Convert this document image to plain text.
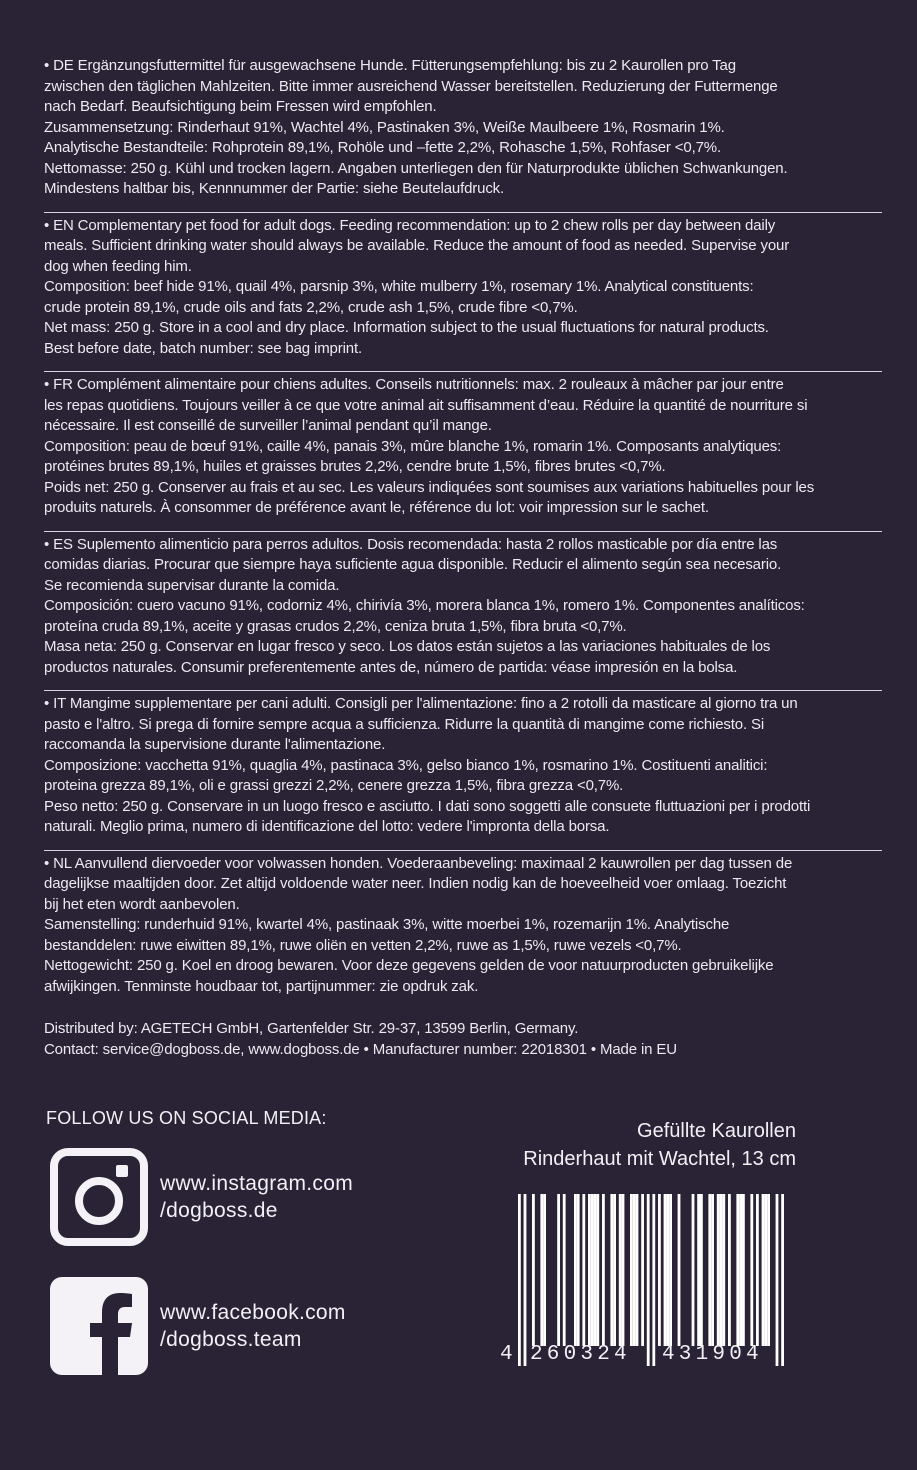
• DE Ergänzungsfuttermittel für ausgewachsene Hunde. Fütterungsempfehlung: bis zu 2 Kaurollen pro Tag

zwischen den täglichen Mahlzeiten. Bitte immer ausreichend Wasser bereitstellen. Reduzierung der Futtermenge

nach Bedarf. Beaufsichtigung beim Fressen wird empfohlen.

Zusammensetzung: Rinderhaut 91%, Wachtel 4%, Pastinaken 3%, Weiße Maulbeere 1%, Rosmarin 1%.

Analytische Bestandteile: Rohprotein 89,1%, Rohöle und –fette 2,2%, Rohasche 1,5%, Rohfaser <0,7%.

Nettomasse: 250 g. Kühl und trocken lagern. Angaben unterliegen den für Naturprodukte üblichen Schwankungen.

Mindestens haltbar bis, Kennnummer der Partie: siehe Beutelaufdruck.

• EN Complementary pet food for adult dogs. Feeding recommendation: up to 2 chew rolls per day between daily

meals. Sufficient drinking water should always be available. Reduce the amount of food as needed. Supervise your

dog when feeding him.

Composition: beef hide 91%, quail 4%, parsnip 3%, white mulberry 1%, rosemary 1%. Analytical constituents:

crude protein 89,1%, crude oils and fats 2,2%, crude ash 1,5%, crude fibre <0,7%.

Net mass: 250 g. Store in a cool and dry place. Information subject to the usual fluctuations for natural products.

Best before date, batch number: see bag imprint.

• FR Complément alimentaire pour chiens adultes. Conseils nutritionnels: max. 2 rouleaux à mâcher par jour entre

les repas quotidiens. Toujours veiller à ce que votre animal ait suffisamment d’eau. Réduire la quantité de nourriture si

nécessaire. Il est conseillé de surveiller l’animal pendant qu’il mange.

Composition: peau de bœuf 91%, caille 4%, panais 3%, mûre blanche 1%, romarin 1%. Composants analytiques:

protéines brutes 89,1%, huiles et graisses brutes 2,2%, cendre brute 1,5%, fibres brutes <0,7%.

Poids net: 250 g. Conserver au frais et au sec. Les valeurs indiquées sont soumises aux variations habituelles pour les

produits naturels. À consommer de préférence avant le, référence du lot: voir impression sur le sachet.

• ES Suplemento alimenticio para perros adultos. Dosis recomendada: hasta 2 rollos masticable por día entre las

comidas diarias. Procurar que siempre haya suficiente agua disponible. Reducir el alimento según sea necesario.

Se recomienda supervisar durante la comida.

Composición: cuero vacuno 91%, codorniz 4%, chirivía 3%, morera blanca 1%, romero 1%. Componentes analíticos:

proteína cruda 89,1%, aceite y grasas crudos 2,2%, ceniza bruta 1,5%, fibra bruta <0,7%.

Masa neta: 250 g. Conservar en lugar fresco y seco. Los datos están sujetos a las variaciones habituales de los

productos naturales. Consumir preferentemente antes de, número de partida: véase impresión en la bolsa.

• IT Mangime supplementare per cani adulti. Consigli per l'alimentazione: fino a 2 rotolli da masticare al giorno tra un

pasto e l'altro. Si prega di fornire sempre acqua a sufficienza. Ridurre la quantità di mangime come richiesto. Si

raccomanda la supervisione durante l'alimentazione.

Composizione: vacchetta 91%, quaglia 4%, pastinaca 3%, gelso bianco 1%, rosmarino 1%. Costituenti analitici:

proteina grezza 89,1%, oli e grassi grezzi 2,2%, cenere grezza 1,5%, fibra grezza <0,7%.

Peso netto: 250 g. Conservare in un luogo fresco e asciutto. I dati sono soggetti alle consuete fluttuazioni per i prodotti

naturali. Meglio prima, numero di identificazione del lotto: vedere l'impronta della borsa.

• NL Aanvullend diervoeder voor volwassen honden. Voederaanbeveling: maximaal 2 kauwrollen per dag tussen de

dagelijkse maaltijden door. Zet altijd voldoende water neer. Indien nodig kan de hoeveelheid voer omlaag. Toezicht

bij het eten wordt aanbevolen.

Samenstelling: runderhuid 91%, kwartel 4%, pastinaak 3%, witte moerbei 1%, rozemarijn 1%. Analytische

bestanddelen: ruwe eiwitten 89,1%, ruwe oliën en vetten 2,2%, ruwe as 1,5%, ruwe vezels <0,7%.

Nettogewicht: 250 g. Koel en droog bewaren. Voor deze gegevens gelden de voor natuurproducten gebruikelijke

afwijkingen. Tenminste houdbaar tot, partijnummer: zie opdruk zak.

Distributed by: AGETECH GmbH, Gartenfelder Str. 29-37, 13599 Berlin, Germany.

Contact: service@dogboss.de, www.dogboss.de • Manufacturer number: 22018301 • Made in EU

FOLLOW US ON SOCIAL MEDIA:
www.instagram.com
/dogboss.de
www.facebook.com
/dogboss.team
Gefüllte Kaurollen
Rinderhaut mit Wachtel, 13 cm
4 260324	431904
